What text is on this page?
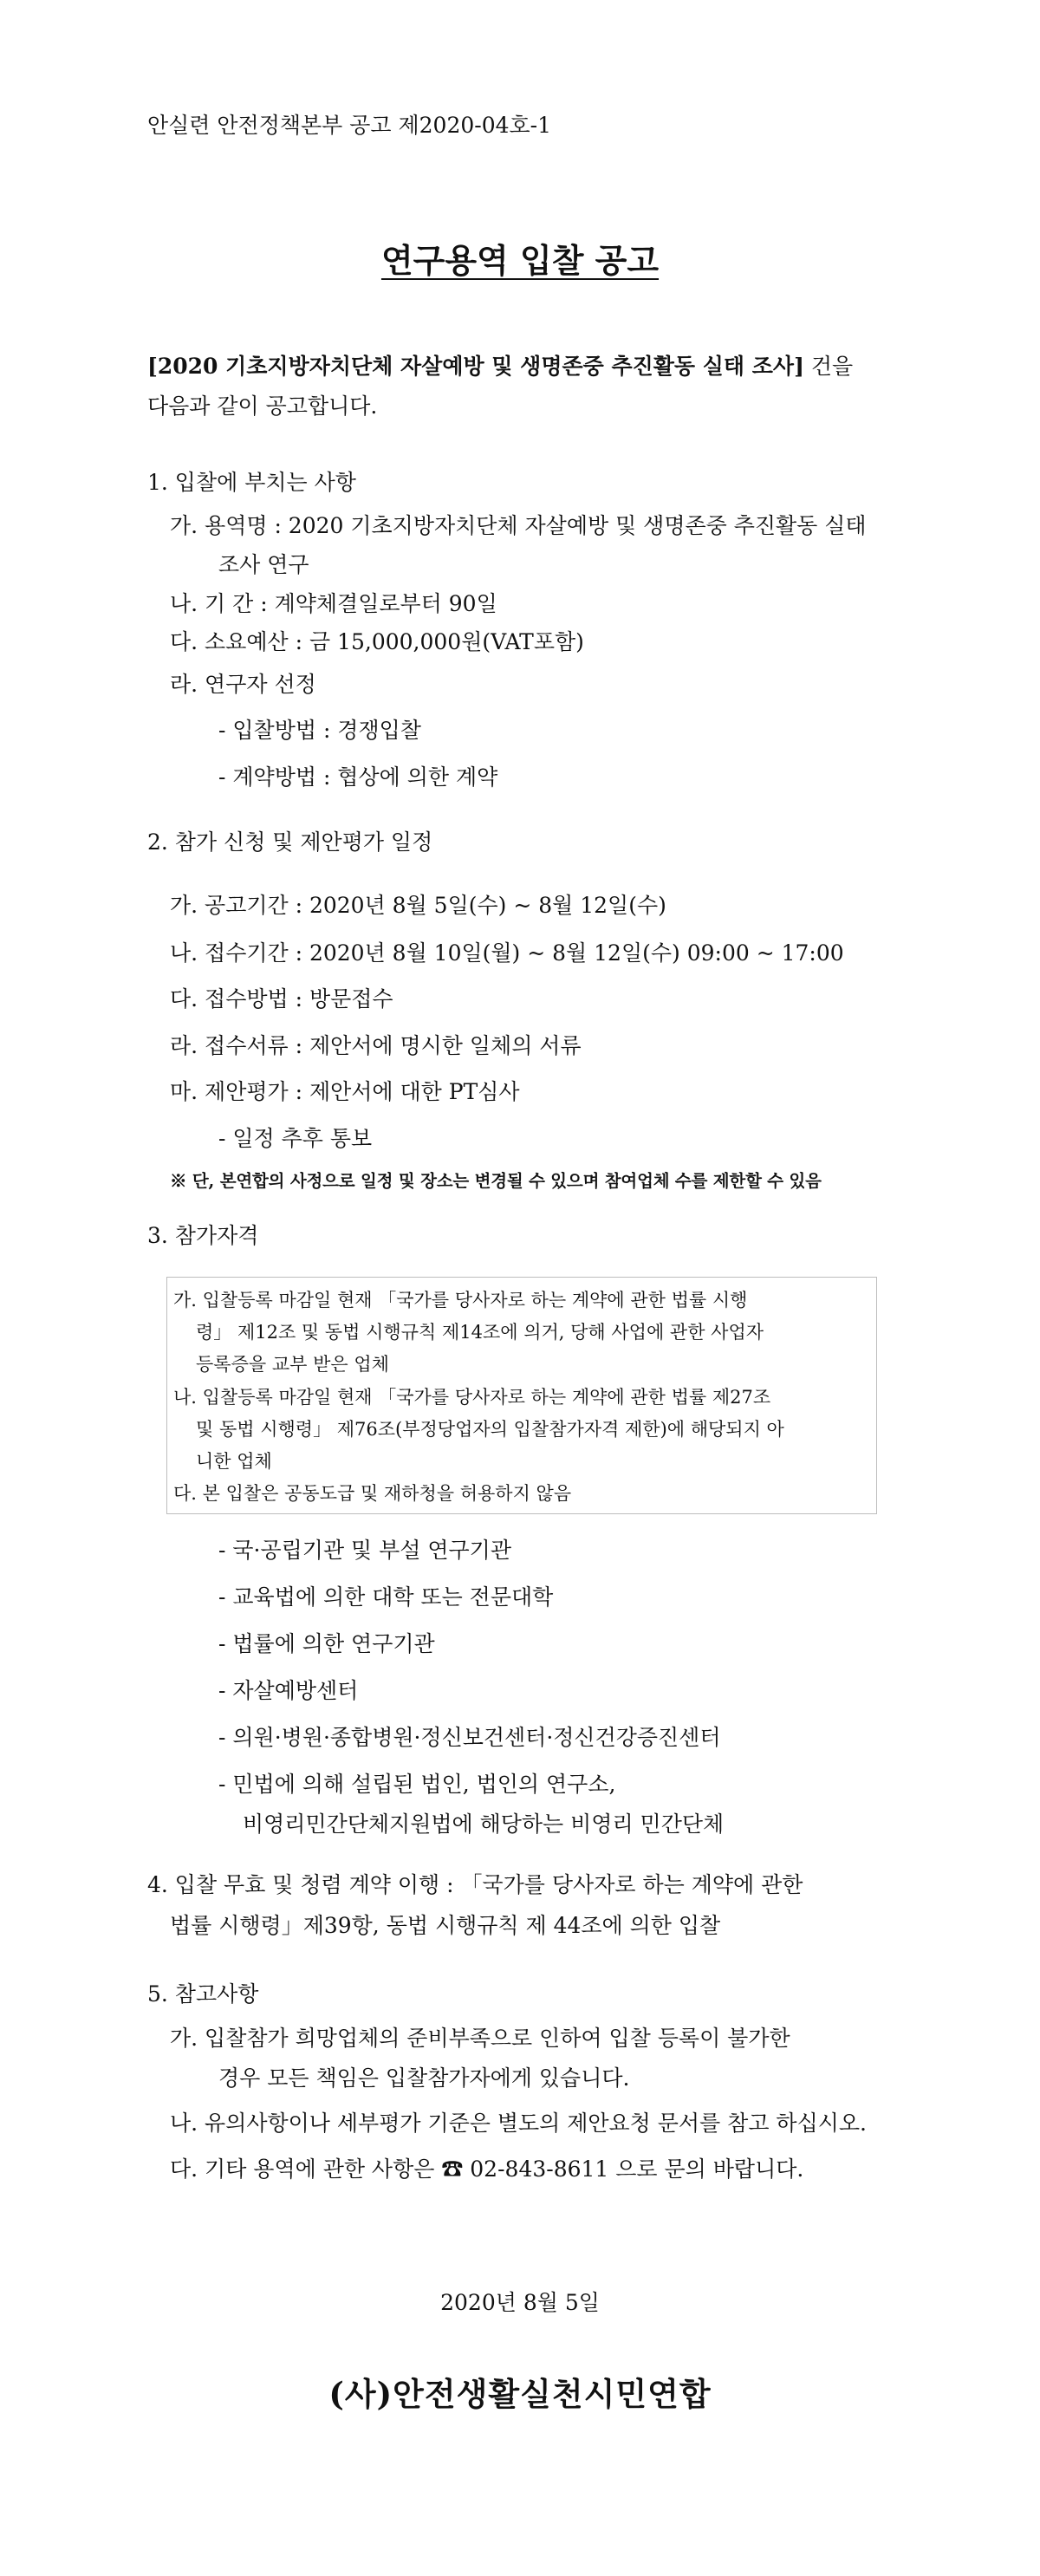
안실련 안전정책본부 공고 제2020-04호-1
연구용역 입찰 공고
[2020 기초지방자치단체 자살예방 및 생명존중 추진활동 실태 조사] 건을
다음과 같이 공고합니다.
1. 입찰에 부치는 사항
가. 용역명 : 2020 기초지방자치단체 자살예방 및 생명존중 추진활동 실태
조사 연구
나. 기 간 : 계약체결일로부터 90일
다. 소요예산 : 금 15,000,000원(VAT포함)
라. 연구자 선정
- 입찰방법 : 경쟁입찰
- 계약방법 : 협상에 의한 계약
2. 참가 신청 및 제안평가 일정
가. 공고기간 : 2020년 8월 5일(수) ~ 8월 12일(수)
나. 접수기간 : 2020년 8월 10일(월) ~ 8월 12일(수) 09:00 ~ 17:00
다. 접수방법 : 방문접수
라. 접수서류 : 제안서에 명시한 일체의 서류
마. 제안평가 : 제안서에 대한 PT심사
- 일정 추후 통보
※ 단, 본연합의 사정으로 일정 및 장소는 변경될 수 있으며 참여업체 수를 제한할 수 있음
3. 참가자격
가. 입찰등록 마감일 현재 「국가를 당사자로 하는 계약에 관한 법률 시행
령」 제12조 및 동법 시행규칙 제14조에 의거, 당해 사업에 관한 사업자
등록증을 교부 받은 업체
나. 입찰등록 마감일 현재 「국가를 당사자로 하는 계약에 관한 법률 제27조
및 동법 시행령」 제76조(부정당업자의 입찰참가자격 제한)에 해당되지 아
니한 업체
다. 본 입찰은 공동도급 및 재하청을 허용하지 않음
- 국·공립기관 및 부설 연구기관
- 교육법에 의한 대학 또는 전문대학
- 법률에 의한 연구기관
- 자살예방센터
- 의원·병원·종합병원·정신보건센터·정신건강증진센터
- 민법에 의해 설립된 법인, 법인의 연구소,
비영리민간단체지원법에 해당하는 비영리 민간단체
4. 입찰 무효 및 청렴 계약 이행 : 「국가를 당사자로 하는 계약에 관한
법률 시행령」제39항, 동법 시행규칙 제 44조에 의한 입찰
5. 참고사항
가. 입찰참가 희망업체의 준비부족으로 인하여 입찰 등록이 불가한
경우 모든 책임은 입찰참가자에게 있습니다.
나. 유의사항이나 세부평가 기준은 별도의 제안요청 문서를 참고 하십시오.
다. 기타 용역에 관한 사항은 ☎ 02-843-8611 으로 문의 바랍니다.
2020년 8월 5일
(사)안전생활실천시민연합
